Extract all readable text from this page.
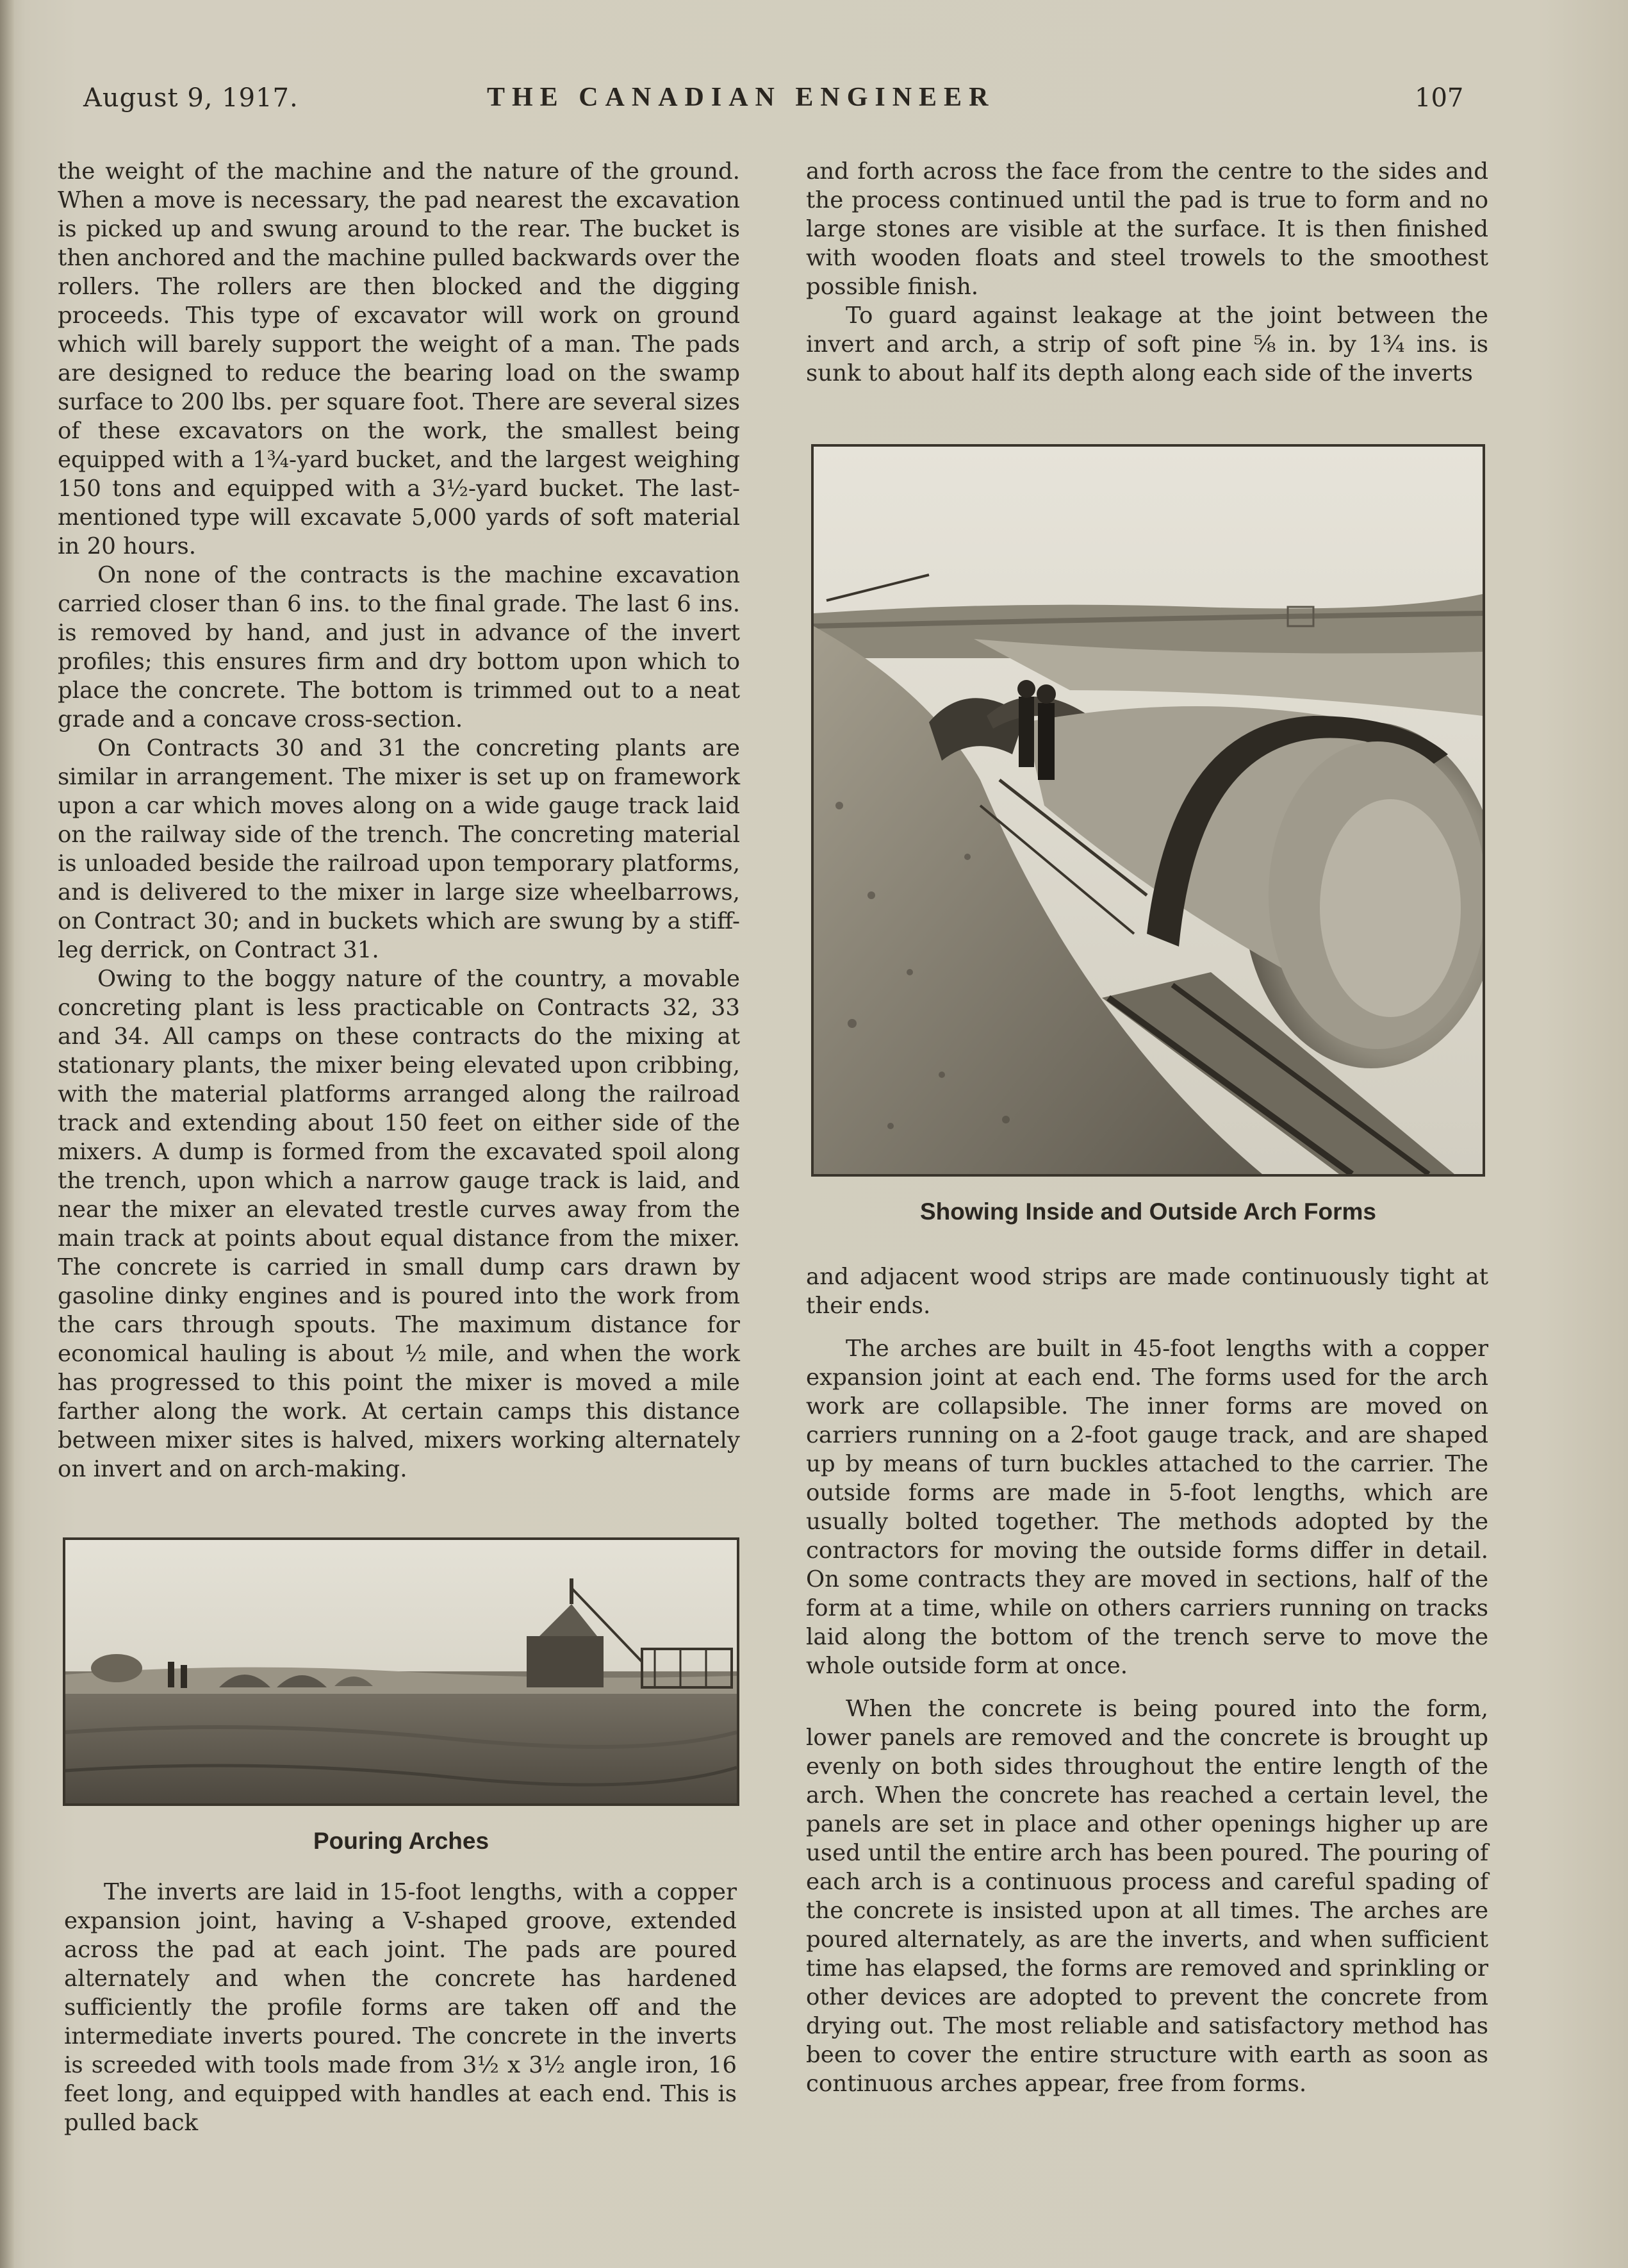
August 9, 1917.	THE CANADIAN ENGINEER	107

the weight of the machine and the nature of the ground. When a move is necessary, the pad nearest the excavation is picked up and swung around to the rear. The bucket is then anchored and the machine pulled backwards over the rollers. The rollers are then blocked and the digging proceeds. This type of excavator will work on ground which will barely support the weight of a man. The pads are designed to reduce the bearing load on the swamp surface to 200 lbs. per square foot. There are several sizes of these excavators on the work, the smallest being equipped with a 1¾-yard bucket, and the largest weighing 150 tons and equipped with a 3½-yard bucket. The last-mentioned type will excavate 5,000 yards of soft material in 20 hours.

On none of the contracts is the machine excavation carried closer than 6 ins. to the final grade. The last 6 ins. is removed by hand, and just in advance of the invert profiles; this ensures firm and dry bottom upon which to place the concrete. The bottom is trimmed out to a neat grade and a concave cross-section.

On Contracts 30 and 31 the concreting plants are similar in arrangement. The mixer is set up on framework upon a car which moves along on a wide gauge track laid on the railway side of the trench. The concreting material is unloaded beside the railroad upon temporary platforms, and is delivered to the mixer in large size wheelbarrows, on Contract 30; and in buckets which are swung by a stiff-leg derrick, on Contract 31.

Owing to the boggy nature of the country, a movable concreting plant is less practicable on Contracts 32, 33 and 34. All camps on these contracts do the mixing at stationary plants, the mixer being elevated upon cribbing, with the material platforms arranged along the railroad track and extending about 150 feet on either side of the mixers. A dump is formed from the excavated spoil along the trench, upon which a narrow gauge track is laid, and near the mixer an elevated trestle curves away from the main track at points about equal distance from the mixer. The concrete is carried in small dump cars drawn by gasoline dinky engines and is poured into the work from the cars through spouts. The maximum distance for economical hauling is about ½ mile, and when the work has progressed to this point the mixer is moved a mile farther along the work. At certain camps this distance between mixer sites is halved, mixers working alternately on invert and on arch-making.

Pouring Arches

The inverts are laid in 15-foot lengths, with a copper expansion joint, having a V-shaped groove, extended across the pad at each joint. The pads are poured alternately and when the concrete has hardened sufficiently the profile forms are taken off and the intermediate inverts poured. The concrete in the inverts is screeded with tools made from 3½ x 3½ angle iron, 16 feet long, and equipped with handles at each end. This is pulled back

and forth across the face from the centre to the sides and the process continued until the pad is true to form and no large stones are visible at the surface. It is then finished with wooden floats and steel trowels to the smoothest possible finish.

To guard against leakage at the joint between the invert and arch, a strip of soft pine ⅝ in. by 1¾ ins. is sunk to about half its depth along each side of the inverts

Showing Inside and Outside Arch Forms

and adjacent wood strips are made continuously tight at their ends.

The arches are built in 45-foot lengths with a copper expansion joint at each end. The forms used for the arch work are collapsible. The inner forms are moved on carriers running on a 2-foot gauge track, and are shaped up by means of turn buckles attached to the carrier. The outside forms are made in 5-foot lengths, which are usually bolted together. The methods adopted by the contractors for moving the outside forms differ in detail. On some contracts they are moved in sections, half of the form at a time, while on others carriers running on tracks laid along the bottom of the trench serve to move the whole outside form at once.

When the concrete is being poured into the form, lower panels are removed and the concrete is brought up evenly on both sides throughout the entire length of the arch. When the concrete has reached a certain level, the panels are set in place and other openings higher up are used until the entire arch has been poured. The pouring of each arch is a continuous process and careful spading of the concrete is insisted upon at all times. The arches are poured alternately, as are the inverts, and when sufficient time has elapsed, the forms are removed and sprinkling or other devices are adopted to prevent the concrete from drying out. The most reliable and satisfactory method has been to cover the entire structure with earth as soon as continuous arches appear, free from forms.
